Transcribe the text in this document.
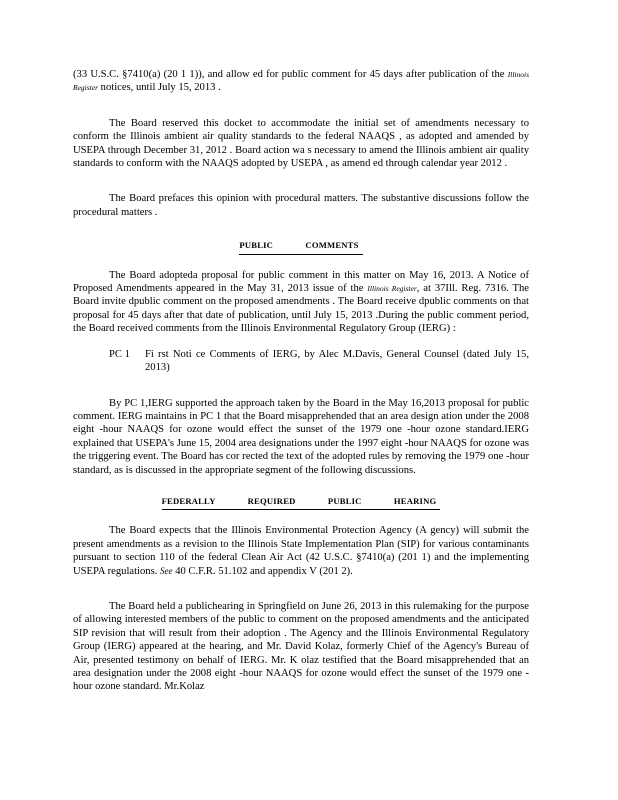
(33 U.S.C. §7410(a) (20 1 1)), and allow ed for public comment for 45 days after publication of the Illinois Register notices, until July 15, 2013 .

The Board reserved this docket to accommodate the initial set of amendments necessary to conform the Illinois ambient air quality standards to the federal NAAQS , as adopted and amended by USEPA through December 31, 2012 . Board action wa s necessary to amend the Illinois ambient air quality standards to conform with the NAAQS adopted by USEPA , as amend ed through calendar year 2012 .

The Board prefaces this opinion with procedural matters. The substantive discussions follow the procedural matters .

PUBLIC COMMENTS

The Board adopteda proposal for public comment in this matter on May 16, 2013. A Notice of Proposed Amendments appeared in the May 31, 2013 issue of the Illinois Register, at 37Ill. Reg. 7316. The Board invite dpublic comment on the proposed amendments . The Board receive dpublic comments on that proposal for 45 days after that date of publication, until July 15, 2013 .During the public comment period, the Board received comments from the Illinois Environmental Regulatory Group (IERG) :

PC 1	Fi rst Noti ce Comments of IERG, by Alec M.Davis, General Counsel (dated July 15, 2013)

By PC 1,IERG supported the approach taken by the Board in the May 16,2013 proposal for public comment. IERG maintains in PC 1 that the Board misapprehended that an area design ation under the 2008 eight -hour NAAQS for ozone would effect the sunset of the 1979 one -hour ozone standard.IERG explained that USEPA's June 15, 2004 area designations under the 1997 eight -hour NAAQS for ozone was the triggering event. The Board has cor rected the text of the adopted rules by removing the 1979 one -hour standard, as is discussed in the appropriate segment of the following discussions.

FEDERALLY REQUIRED PUBLIC HEARING

The Board expects that the Illinois Environmental Protection Agency (A gency) will submit the present amendments as a revision to the Illinois State Implementation Plan (SIP) for various contaminants pursuant to section 110 of the federal Clean Air Act (42 U.S.C. §7410(a) (201 1) and the implementing USEPA regulations. See 40 C.F.R. 51.102 and appendix V (201 2).

The Board held a publichearing in Springfield on June 26, 2013 in this rulemaking for the purpose of allowing interested members of the public to comment on the proposed amendments and the anticipated SIP revision that will result from their adoption . The Agency and the Illinois Environmental Regulatory Group (IERG) appeared at the hearing, and Mr. David Kolaz, formerly Chief of the Agency's Bureau of Air, presented testimony on behalf of IERG. Mr. K olaz testified that the Board misapprehended that an area designation under the 2008 eight -hour NAAQS for ozone would effect the sunset of the 1979 one -hour ozone standard. Mr.Kolaz
